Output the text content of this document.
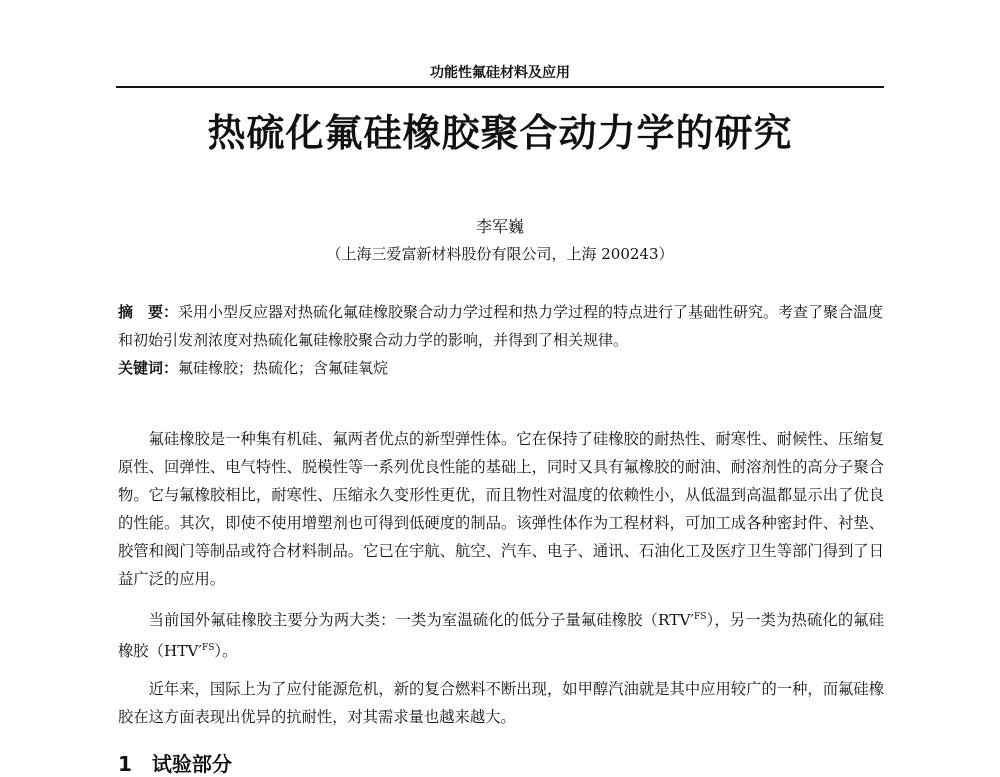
功能性氟硅材料及应用
热硫化氟硅橡胶聚合动力学的研究
李军巍
（上海三爱富新材料股份有限公司，上海 200243）
摘　要：采用小型反应器对热硫化氟硅橡胶聚合动力学过程和热力学过程的特点进行了基础性研究。考查了聚合温度和初始引发剂浓度对热硫化氟硅橡胶聚合动力学的影响，并得到了相关规律。
关键词：氟硅橡胶；热硫化；含氟硅氧烷

氟硅橡胶是一种集有机硅、氟两者优点的新型弹性体。它在保持了硅橡胶的耐热性、耐寒性、耐候性、压缩复原性、回弹性、电气特性、脱模性等一系列优良性能的基础上，同时又具有氟橡胶的耐油、耐溶剂性的高分子聚合物。它与氟橡胶相比，耐寒性、压缩永久变形性更优，而且物性对温度的依赖性小，从低温到高温都显示出了优良的性能。其次，即使不使用增塑剂也可得到低硬度的制品。该弹性体作为工程材料，可加工成各种密封件、衬垫、胶管和阀门等制品或符合材料制品。它已在宇航、航空、汽车、电子、通讯、石油化工及医疗卫生等部门得到了日益广泛的应用。

当前国外氟硅橡胶主要分为两大类：一类为室温硫化的低分子量氟硅橡胶$(RTV'^{FS})$，另一类为热硫化的氟硅橡胶$(HTV'^{FS})$。

近年来，国际上为了应付能源危机，新的复合燃料不断出现，如甲醇汽油就是其中应用较广的一种，而氟硅橡胶在这方面表现出优异的抗耐性，对其需求量也越来越大。

1　试验部分
